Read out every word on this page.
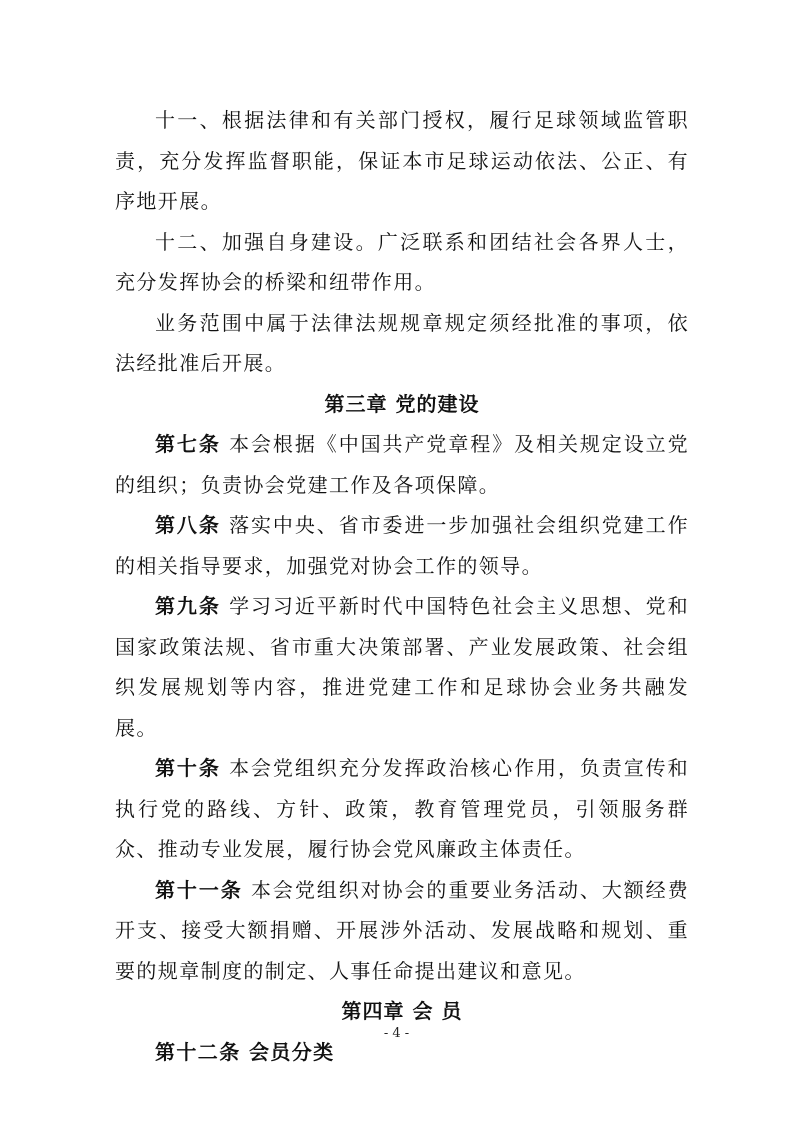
十一、根据法律和有关部门授权，履行足球领域监管职责，充分发挥监督职能，保证本市足球运动依法、公正、有序地开展。

十二、加强自身建设。广泛联系和团结社会各界人士，充分发挥协会的桥梁和纽带作用。

业务范围中属于法律法规规章规定须经批准的事项，依法经批准后开展。

第三章 党的建设

第七条 本会根据《中国共产党章程》及相关规定设立党的组织；负责协会党建工作及各项保障。

第八条 落实中央、省市委进一步加强社会组织党建工作的相关指导要求，加强党对协会工作的领导。

第九条 学习习近平新时代中国特色社会主义思想、党和国家政策法规、省市重大决策部署、产业发展政策、社会组织发展规划等内容，推进党建工作和足球协会业务共融发展。

第十条 本会党组织充分发挥政治核心作用，负责宣传和执行党的路线、方针、政策，教育管理党员，引领服务群众、推动专业发展，履行协会党风廉政主体责任。

第十一条 本会党组织对协会的重要业务活动、大额经费开支、接受大额捐赠、开展涉外活动、发展战略和规划、重要的规章制度的制定、人事任命提出建议和意见。

第四章 会 员

第十二条 会员分类

- 4 -
